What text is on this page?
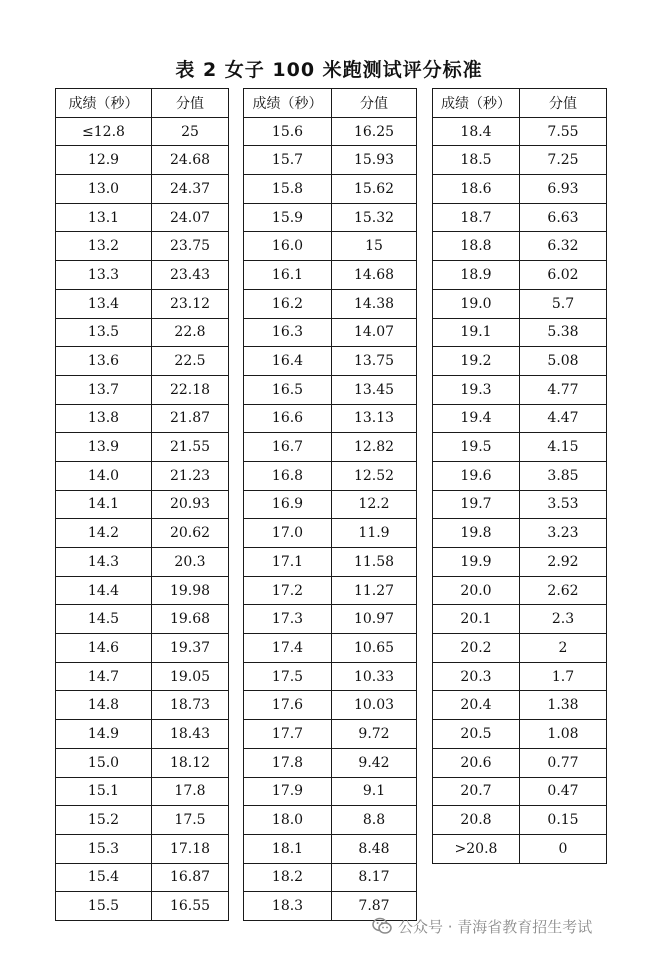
表 2 女子 100 米跑测试评分标准
成绩（秒）	分值
≤12.8	25
12.9	24.68
13.0	24.37
13.1	24.07
13.2	23.75
13.3	23.43
13.4	23.12
13.5	22.8
13.6	22.5
13.7	22.18
13.8	21.87
13.9	21.55
14.0	21.23
14.1	20.93
14.2	20.62
14.3	20.3
14.4	19.98
14.5	19.68
14.6	19.37
14.7	19.05
14.8	18.73
14.9	18.43
15.0	18.12
15.1	17.8
15.2	17.5
15.3	17.18
15.4	16.87
15.5	16.55
成绩（秒）	分值
15.6	16.25
15.7	15.93
15.8	15.62
15.9	15.32
16.0	15
16.1	14.68
16.2	14.38
16.3	14.07
16.4	13.75
16.5	13.45
16.6	13.13
16.7	12.82
16.8	12.52
16.9	12.2
17.0	11.9
17.1	11.58
17.2	11.27
17.3	10.97
17.4	10.65
17.5	10.33
17.6	10.03
17.7	9.72
17.8	9.42
17.9	9.1
18.0	8.8
18.1	8.48
18.2	8.17
18.3	7.87
成绩（秒）	分值
18.4	7.55
18.5	7.25
18.6	6.93
18.7	6.63
18.8	6.32
18.9	6.02
19.0	5.7
19.1	5.38
19.2	5.08
19.3	4.77
19.4	4.47
19.5	4.15
19.6	3.85
19.7	3.53
19.8	3.23
19.9	2.92
20.0	2.62
20.1	2.3
20.2	2
20.3	1.7
20.4	1.38
20.5	1.08
20.6	0.77
20.7	0.47
20.8	0.15
>20.8	0
公众号 · 青海省教育招生考试
